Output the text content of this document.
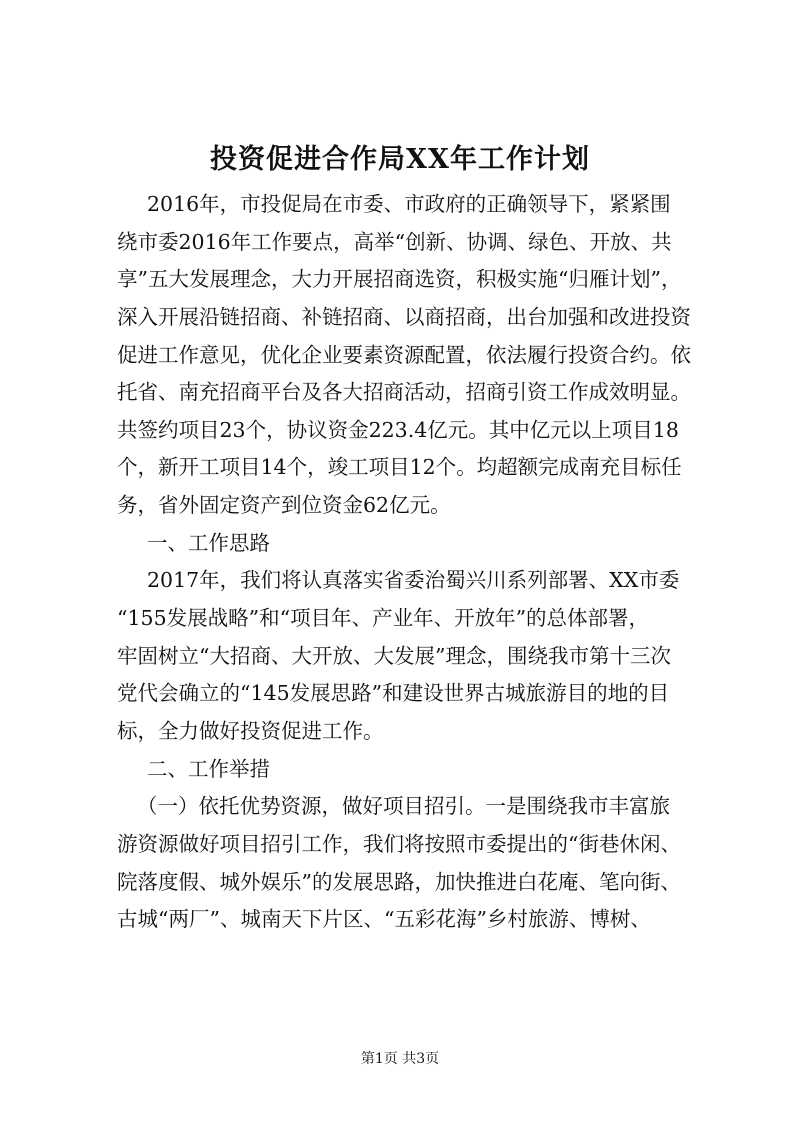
投资促进合作局XX年工作计划
2016年，市投促局在市委、市政府的正确领导下，紧紧围
绕市委2016年工作要点，高举“创新、协调、绿色、开放、共
享”五大发展理念，大力开展招商选资，积极实施“归雁计划”，
深入开展沿链招商、补链招商、以商招商，出台加强和改进投资
促进工作意见，优化企业要素资源配置，依法履行投资合约。依
托省、南充招商平台及各大招商活动，招商引资工作成效明显。
共签约项目23个，协议资金223.4亿元。其中亿元以上项目18
个，新开工项目14个，竣工项目12个。均超额完成南充目标任
务，省外固定资产到位资金62亿元。
一、工作思路
2017年，我们将认真落实省委治蜀兴川系列部署、XX市委
“155发展战略”和“项目年、产业年、开放年”的总体部署，
牢固树立“大招商、大开放、大发展”理念，围绕我市第十三次
党代会确立的“145发展思路”和建设世界古城旅游目的地的目
标，全力做好投资促进工作。
二、工作举措
（一）依托优势资源，做好项目招引。一是围绕我市丰富旅
游资源做好项目招引工作，我们将按照市委提出的“街巷休闲、
院落度假、城外娱乐”的发展思路，加快推进白花庵、笔向街、
古城“两厂”、城南天下片区、“五彩花海”乡村旅游、博树、
第1页 共3页
